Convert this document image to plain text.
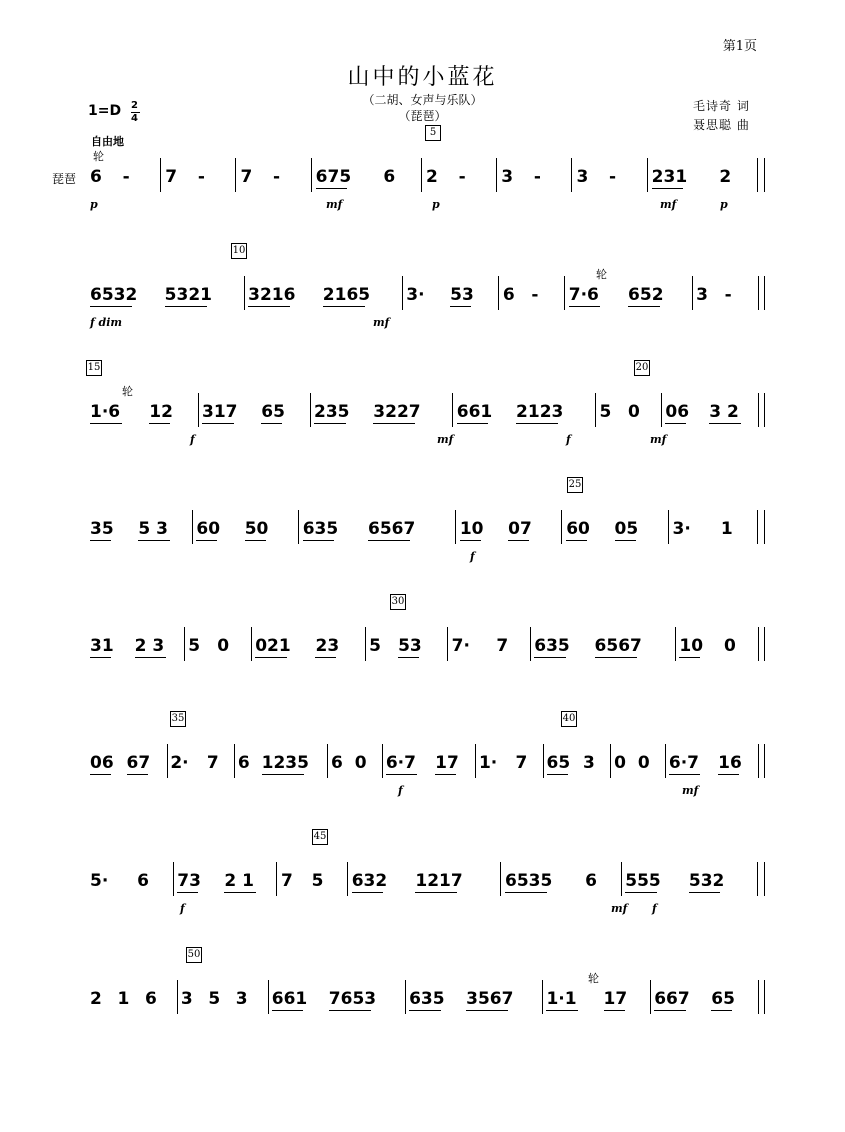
第1页
山中的小蓝花
（二胡、女声与乐队）
（琵琶）
毛诗奇 词
聂思聪 曲
1=D 2
4
自由地
琵琶 6 - 7 - 7 - 675 6 2 - 3 - 3 - 231 2
5
p	mf	p	mf	p
6532 5321 3216 2165 3· 53 6 - 7·6 652 3 -
10
f dim	mf
1·6 12 317 65 235 3227 661 2123 5 0 06 3 2
15	20
f	mf	f	mf
35 5 3 60 50 635 6567	10 07 60 05 3· 1
25
f
31 2 3 5 0 021 23 5 53 7· 7 635 6567 10 0
30
06 67 2· 7 6 1235 6 0 6·7 17 1· 7 65 3 0 0 6·7 16
35	40
f	mf
5· 6 73 2 1 7 5 632 1217 6535 6 555 532
45
f	mf f
2 1 6 3 5 3 661 7653 635 3567 1·1 17 667 65
50
轮
轮
轮
轮
